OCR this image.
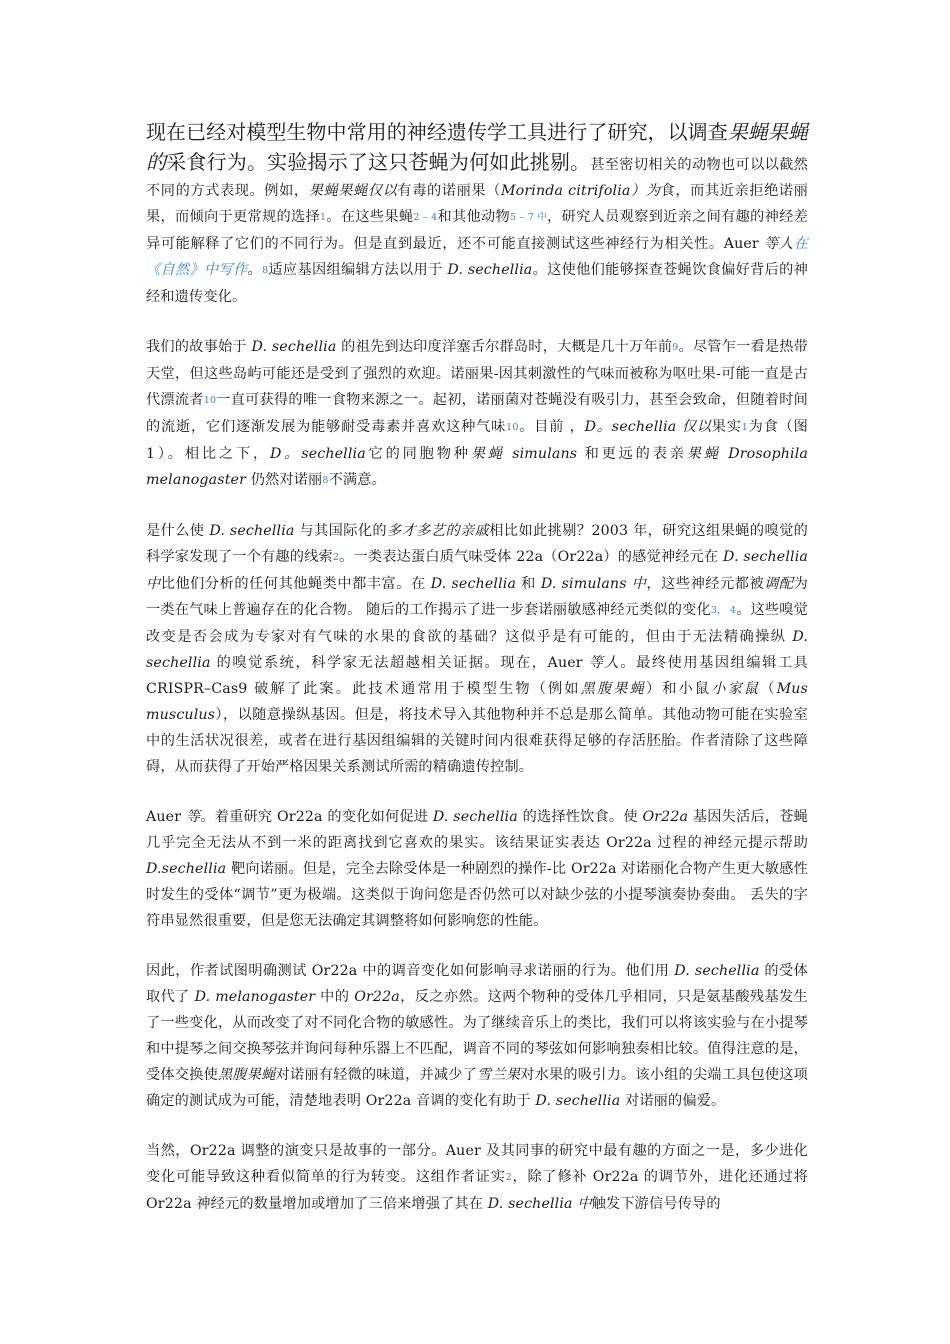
现在已经对模型生物中常用的神经遗传学工具进行了研究，以调查果蝇果蝇的采食行为。实验揭示了这只苍蝇为何如此挑剔。甚至密切相关的动物也可以以截然不同的方式表现。例如，果蝇果蝇仅以有毒的诺丽果（Morinda citrifolia）为食，而其近亲拒绝诺丽果，而倾向于更常规的选择1。在这些果蝇2 – 4和其他动物5 – 7 中，研究人员观察到近亲之间有趣的神经差异可能解释了它们的不同行为。但是直到最近，还不可能直接测试这些神经行为相关性。Auer 等人在《自然》中写作。8适应基因组编辑方法以用于 D. sechellia。这使他们能够探查苍蝇饮食偏好背后的神经和遗传变化。

我们的故事始于 D. sechellia 的祖先到达印度洋塞舌尔群岛时，大概是几十万年前9。尽管乍一看是热带天堂，但这些岛屿可能还是受到了强烈的欢迎。诺丽果-因其刺激性的气味而被称为呕吐果-可能一直是古代漂流者10一直可获得的唯一食物来源之一。起初，诺丽菌对苍蝇没有吸引力，甚至会致命，但随着时间的流逝，它们逐渐发展为能够耐受毒素并喜欢这种气味10。目前 ，D。sechellia 仅以果实1为食（图 1）。相比之下，D。sechellia它的同胞物种果蝇 simulans 和更远的表亲果蝇 Drosophila melanogaster 仍然对诺丽8不满意。

是什么使 D. sechellia 与其国际化的多才多艺的亲戚相比如此挑剔？2003 年，研究这组果蝇的嗅觉的科学家发现了一个有趣的线索2。一类表达蛋白质气味受体 22a（Or22a）的感觉神经元在 D. sechellia 中比他们分析的任何其他蝇类中都丰富。在 D. sechellia 和 D. simulans 中，这些神经元都被调配为一类在气味上普遍存在的化合物。 随后的工作揭示了进一步套诺丽敏感神经元类似的变化3， 4。这些嗅觉改变是否会成为专家对有气味的水果的食欲的基础？这似乎是有可能的，但由于无法精确操纵 D. sechellia 的嗅觉系统，科学家无法超越相关证据。现在，Auer 等人。最终使用基因组编辑工具 CRISPR–Cas9 破解了此案。此技术通常用于模型生物（例如黑腹果蝇）和小鼠小家鼠（Mus musculus），以随意操纵基因。但是，将技术导入其他物种并不总是那么简单。其他动物可能在实验室中的生活状况很差，或者在进行基因组编辑的关键时间内很难获得足够的存活胚胎。作者清除了这些障碍，从而获得了开始严格因果关系测试所需的精确遗传控制。

Auer 等。着重研究 Or22a 的变化如何促进 D. sechellia 的选择性饮食。使 Or22a 基因失活后，苍蝇几乎完全无法从不到一米的距离找到它喜欢的果实。该结果证实表达 Or22a 过程的神经元提示帮助 D.sechellia 靶向诺丽。但是，完全去除受体是一种剧烈的操作-比 Or22a 对诺丽化合物产生更大敏感性时发生的受体“调节”更为极端。这类似于询问您是否仍然可以对缺少弦的小提琴演奏协奏曲。 丢失的字符串显然很重要，但是您无法确定其调整将如何影响您的性能。

因此，作者试图明确测试 Or22a 中的调音变化如何影响寻求诺丽的行为。他们用 D. sechellia 的受体取代了 D. melanogaster 中的 Or22a，反之亦然。这两个物种的受体几乎相同，只是氨基酸残基发生了一些变化，从而改变了对不同化合物的敏感性。为了继续音乐上的类比，我们可以将该实验与在小提琴和中提琴之间交换琴弦并询问每种乐器上不匹配，调音不同的琴弦如何影响独奏相比较。值得注意的是，受体交换使黑腹果蝇对诺丽有轻微的味道，并减少了雪兰果对水果的吸引力。该小组的尖端工具包使这项确定的测试成为可能，清楚地表明 Or22a 音调的变化有助于 D. sechellia 对诺丽的偏爱。

当然，Or22a 调整的演变只是故事的一部分。Auer 及其同事的研究中最有趣的方面之一是，多少进化变化可能导致这种看似简单的行为转变。这组作者证实2，除了修补 Or22a 的调节外，进化还通过将 Or22a 神经元的数量增加或增加了三倍来增强了其在 D. sechellia 中触发下游信号传导的
